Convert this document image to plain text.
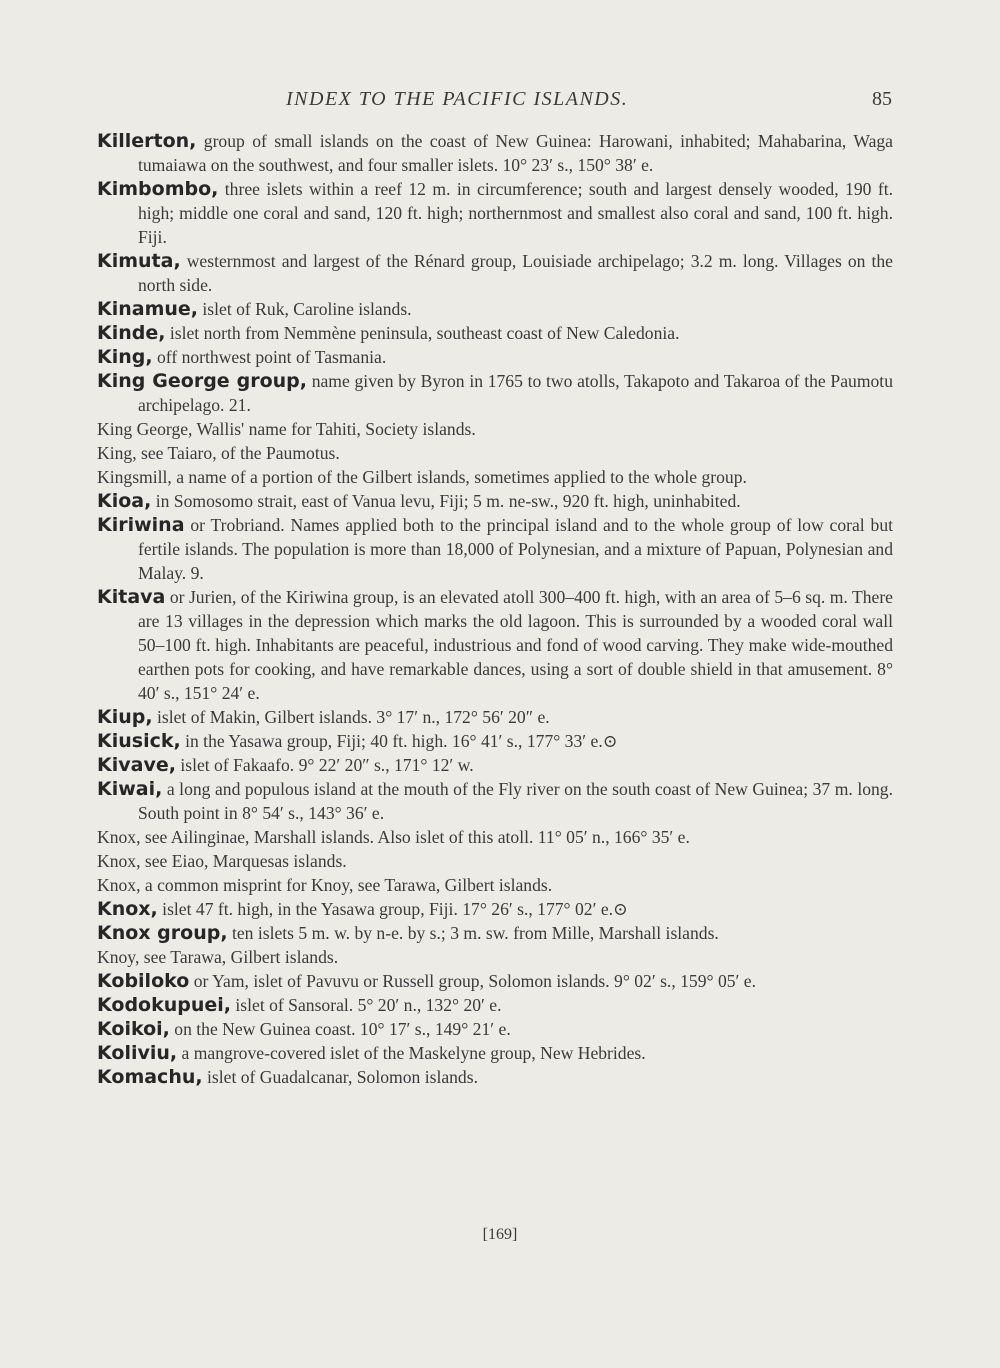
INDEX TO THE PACIFIC ISLANDS.	85

Killerton, group of small islands on the coast of New Guinea: Harowani, inhabited; Mahabarina, Waga tumaiawa on the southwest, and four smaller islets. 10° 23′ s., 150° 38′ e.

Kimbombo, three islets within a reef 12 m. in circumference; south and largest densely wooded, 190 ft. high; middle one coral and sand, 120 ft. high; northernmost and smallest also coral and sand, 100 ft. high. Fiji.

Kimuta, westernmost and largest of the Rénard group, Louisiade archipelago; 3.2 m. long. Villages on the north side.

Kinamue, islet of Ruk, Caroline islands.

Kinde, islet north from Nemmène peninsula, southeast coast of New Caledonia.

King, off northwest point of Tasmania.

King George group, name given by Byron in 1765 to two atolls, Takapoto and Takaroa of the Paumotu archipelago. 21.

King George, Wallis' name for Tahiti, Society islands.

King, see Taiaro, of the Paumotus.

Kingsmill, a name of a portion of the Gilbert islands, sometimes applied to the whole group.

Kioa, in Somosomo strait, east of Vanua levu, Fiji; 5 m. ne-sw., 920 ft. high, uninhabited.

Kiriwina or Trobriand. Names applied both to the principal island and to the whole group of low coral but fertile islands. The population is more than 18,000 of Polynesian, and a mixture of Papuan, Polynesian and Malay. 9.

Kitava or Jurien, of the Kiriwina group, is an elevated atoll 300–400 ft. high, with an area of 5–6 sq. m. There are 13 villages in the depression which marks the old lagoon. This is surrounded by a wooded coral wall 50–100 ft. high. Inhabitants are peaceful, industrious and fond of wood carving. They make wide-mouthed earthen pots for cooking, and have remarkable dances, using a sort of double shield in that amusement. 8° 40′ s., 151° 24′ e.

Kiup, islet of Makin, Gilbert islands. 3° 17′ n., 172° 56′ 20″ e.

Kiusick, in the Yasawa group, Fiji; 40 ft. high. 16° 41′ s., 177° 33′ e.⊙

Kivave, islet of Fakaafo. 9° 22′ 20″ s., 171° 12′ w.

Kiwai, a long and populous island at the mouth of the Fly river on the south coast of New Guinea; 37 m. long. South point in 8° 54′ s., 143° 36′ e.

Knox, see Ailinginae, Marshall islands. Also islet of this atoll. 11° 05′ n., 166° 35′ e.

Knox, see Eiao, Marquesas islands.

Knox, a common misprint for Knoy, see Tarawa, Gilbert islands.

Knox, islet 47 ft. high, in the Yasawa group, Fiji. 17° 26′ s., 177° 02′ e.⊙

Knox group, ten islets 5 m. w. by n-e. by s.; 3 m. sw. from Mille, Marshall islands.

Knoy, see Tarawa, Gilbert islands.

Kobiloko or Yam, islet of Pavuvu or Russell group, Solomon islands. 9° 02′ s., 159° 05′ e.

Kodokupuei, islet of Sansoral. 5° 20′ n., 132° 20′ e.

Koikoi, on the New Guinea coast. 10° 17′ s., 149° 21′ e.

Koliviu, a mangrove-covered islet of the Maskelyne group, New Hebrides.

Komachu, islet of Guadalcanar, Solomon islands.

[169]
